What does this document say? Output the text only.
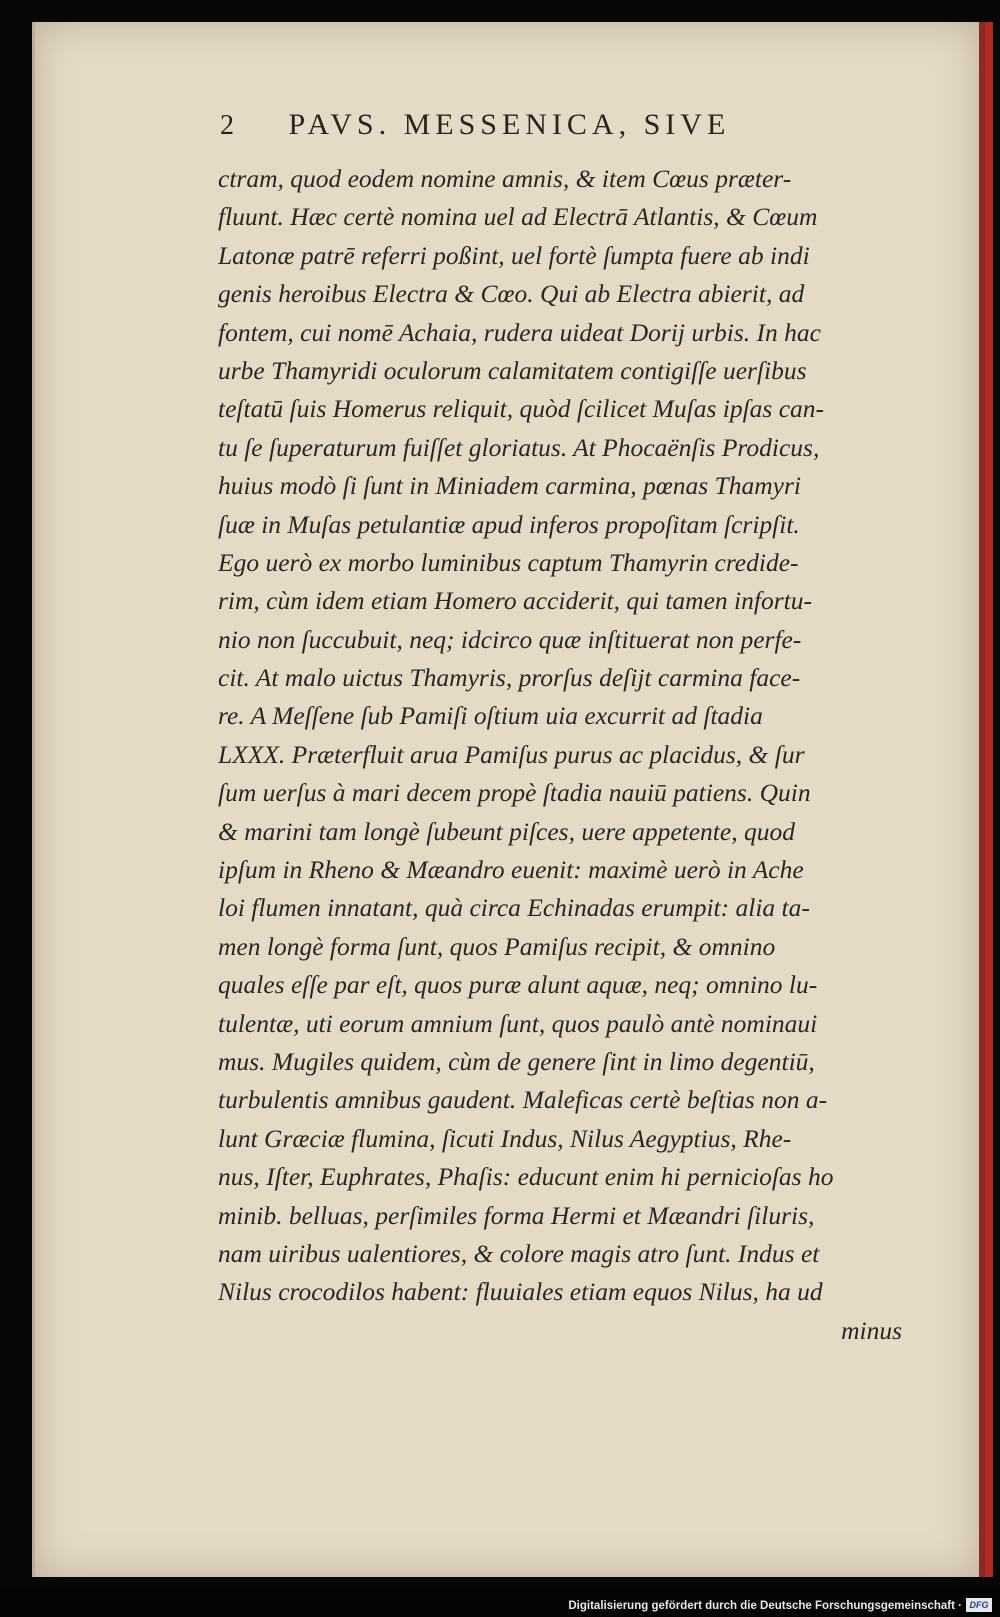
2 PAVS. MESSENICA, SIVE
ctram, quod eodem nomine amnis, & item Cœus præter-
fluunt. Hæc certè nomina uel ad Electrā Atlantis, & Cœum
Latonæ patrē referri poßint, uel fortè ſumpta fuere ab indi
genis heroibus Electra & Cœo. Qui ab Electra abierit, ad
fontem, cui nomē Achaia, rudera uideat Dorij urbis. In hac
urbe Thamyridi oculorum calamitatem contigiſſe uerſibus
teſtatū ſuis Homerus reliquit, quòd ſcilicet Muſas ipſas can-
tu ſe ſuperaturum fuiſſet gloriatus. At Phocaënſis Prodicus,
huius modò ſi ſunt in Miniadem carmina, pœnas Thamyri
ſuæ in Muſas petulantiæ apud inferos propoſitam ſcripſit.
Ego uerò ex morbo luminibus captum Thamyrin credide-
rim, cùm idem etiam Homero acciderit, qui tamen infortu-
nio non ſuccubuit, neq; idcirco quæ inſtituerat non perfe-
cit. At malo uictus Thamyris, prorſus deſijt carmina face-
re. A Meſſene ſub Pamiſi oſtium uia excurrit ad ſtadia
LXXX. Præterfluit arua Pamiſus purus ac placidus, & ſur
ſum uerſus à mari decem propè ſtadia nauiū patiens. Quin
& marini tam longè ſubeunt piſces, uere appetente, quod
ipſum in Rheno & Mæandro euenit: maximè uerò in Ache
loi flumen innatant, quà circa Echinadas erumpit: alia ta-
men longè forma ſunt, quos Pamiſus recipit, & omnino
quales eſſe par eſt, quos puræ alunt aquæ, neq; omnino lu-
tulentæ, uti eorum amnium ſunt, quos paulò antè nominaui
mus. Mugiles quidem, cùm de genere ſint in limo degentiū,
turbulentis amnibus gaudent. Maleficas certè beſtias non a-
lunt Græciæ flumina, ſicuti Indus, Nilus Aegyptius, Rhe-
nus, Iſter, Euphrates, Phaſis: educunt enim hi pernicioſas ho
minib. belluas, perſimiles forma Hermi et Mæandri ſiluris,
nam uiribus ualentiores, & colore magis atro ſunt. Indus et
Nilus crocodilos habent: fluuiales etiam equos Nilus, ha ud
minus
Digitalisierung gefördert durch die Deutsche Forschungsgemeinschaft · DFG
